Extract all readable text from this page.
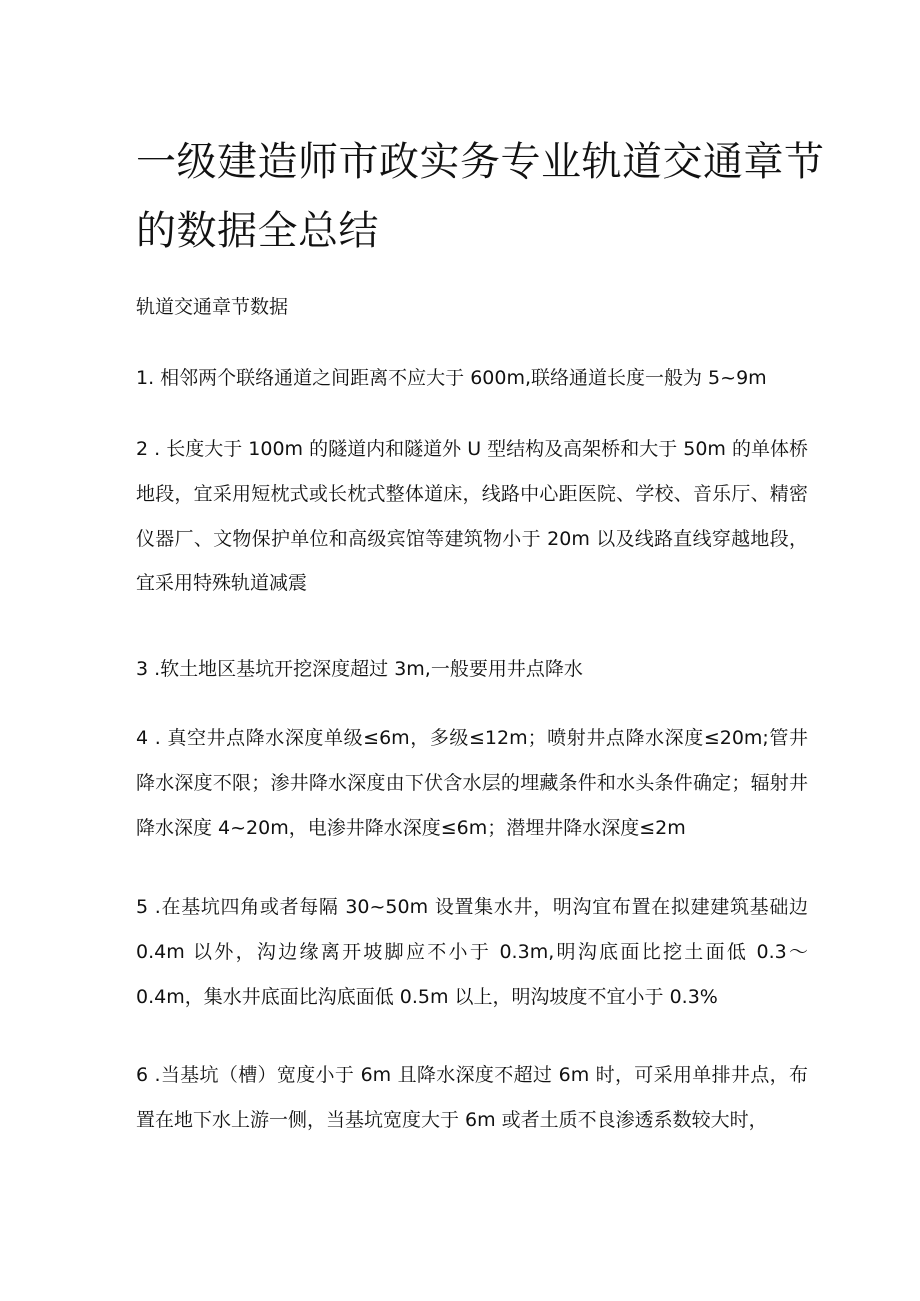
一级建造师市政实务专业轨道交通章节的数据全总结

轨道交通章节数据

1. 相邻两个联络通道之间距离不应大于 600m,联络通道长度一般为 5~9m

2 . 长度大于 100m 的隧道内和隧道外 U 型结构及高架桥和大于 50m 的单体桥地段，宜采用短枕式或长枕式整体道床，线路中心距医院、学校、音乐厅、精密仪器厂、文物保护单位和高级宾馆等建筑物小于 20m 以及线路直线穿越地段，宜采用特殊轨道减震

3 .软土地区基坑开挖深度超过 3m,一般要用井点降水

4 . 真空井点降水深度单级≤6m，多级≤12m；喷射井点降水深度≤20m;管井降水深度不限；渗井降水深度由下伏含水层的埋藏条件和水头条件确定；辐射井降水深度 4~20m，电渗井降水深度≤6m；潜埋井降水深度≤2m

5 .在基坑四角或者每隔 30~50m 设置集水井，明沟宜布置在拟建建筑基础边 0.4m 以外，沟边缘离开坡脚应不小于 0.3m,明沟底面比挖土面低 0.3～0.4m，集水井底面比沟底面低 0.5m 以上，明沟坡度不宜小于 0.3%

6 .当基坑（槽）宽度小于 6m 且降水深度不超过 6m 时，可采用单排井点，布置在地下水上游一侧，当基坑宽度大于 6m 或者土质不良渗透系数较大时，
